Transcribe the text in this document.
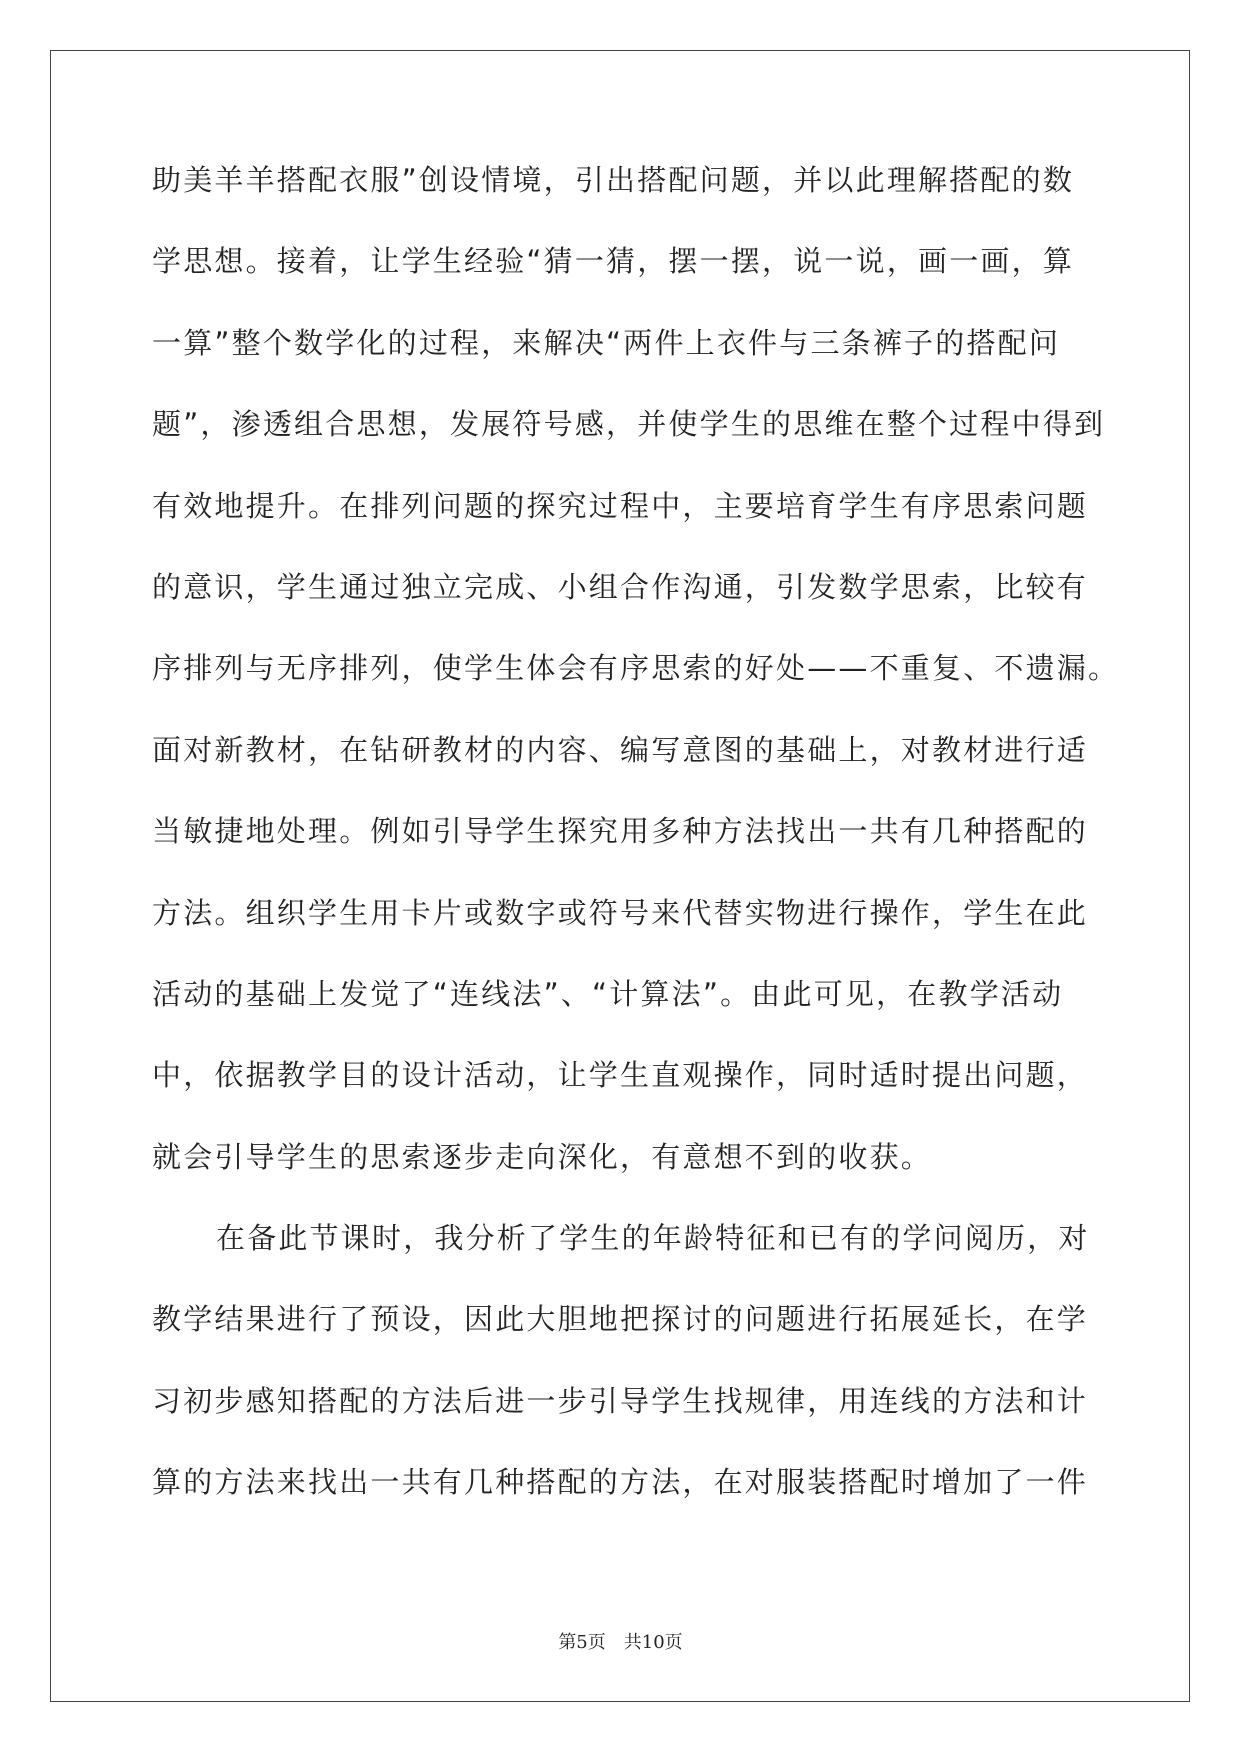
助美羊羊搭配衣服”创设情境，引出搭配问题，并以此理解搭配的数
学思想。接着，让学生经验“猜一猜，摆一摆，说一说，画一画，算
一算”整个数学化的过程，来解决“两件上衣件与三条裤子的搭配问
题”，渗透组合思想，发展符号感，并使学生的思维在整个过程中得到
有效地提升。在排列问题的探究过程中，主要培育学生有序思索问题
的意识，学生通过独立完成、小组合作沟通，引发数学思索，比较有
序排列与无序排列，使学生体会有序思索的好处——不重复、不遗漏。
面对新教材，在钻研教材的内容、编写意图的基础上，对教材进行适
当敏捷地处理。例如引导学生探究用多种方法找出一共有几种搭配的
方法。组织学生用卡片或数字或符号来代替实物进行操作，学生在此
活动的基础上发觉了“连线法”、“计算法”。由此可见，在教学活动
中，依据教学目的设计活动，让学生直观操作，同时适时提出问题，
就会引导学生的思索逐步走向深化，有意想不到的收获。
在备此节课时，我分析了学生的年龄特征和已有的学问阅历，对
教学结果进行了预设，因此大胆地把探讨的问题进行拓展延长，在学
习初步感知搭配的方法后进一步引导学生找规律，用连线的方法和计
算的方法来找出一共有几种搭配的方法，在对服装搭配时增加了一件
第5页 共10页
